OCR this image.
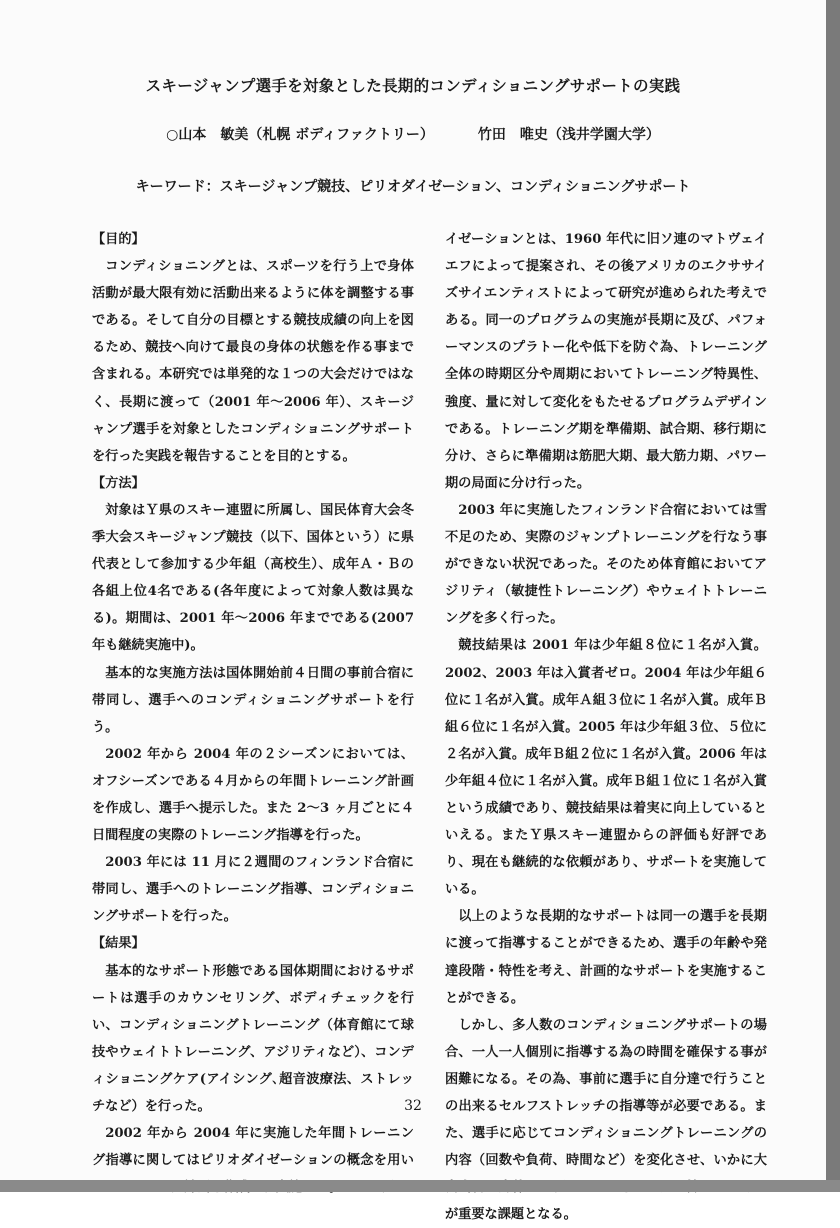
スキージャンプ選手を対象とした長期的コンディショニングサポートの実践
○山本　敏美（札幌 ボディファクトリー）	竹田　唯史（浅井学園大学）
キーワード：スキージャンプ競技、ピリオダイゼーション、コンディショニングサポート
【目的】

コンディショニングとは、スポーツを行う上で身体活動が最大限有効に活動出来るように体を調整する事である。そして自分の目標とする競技成績の向上を図るため、競技へ向けて最良の身体の状態を作る事まで含まれる。本研究では単発的な１つの大会だけではなく、長期に渡って（2001 年～2006 年）、スキージャンプ選手を対象としたコンディショニングサポートを行った実践を報告することを目的とする。

【方法】

対象はＹ県のスキー連盟に所属し、国民体育大会冬季大会スキージャンプ競技（以下、国体という）に県代表として参加する少年組（高校生）、成年Ａ・Ｂの各組上位4名である(各年度によって対象人数は異なる)。期間は、2001 年～2006 年までである(2007年も継続実施中)。

基本的な実施方法は国体開始前４日間の事前合宿に帯同し、選手へのコンディショニングサポートを行う。

2002 年から 2004 年の２シーズンにおいては、オフシーズンである４月からの年間トレーニング計画を作成し、選手へ提示した。また 2～3 ヶ月ごとに４日間程度の実際のトレーニング指導を行った。

2003 年には 11 月に２週間のフィンランド合宿に帯同し、選手へのトレーニング指導、コンディショニングサポートを行った。

【結果】

基本的なサポート形態である国体期間におけるサポートは選手のカウンセリング、ボディチェックを行い、コンディショニングトレーニング（体育館にて球技やウェイトトレーニング、アジリティなど）、コンディショニングケア(アイシング､超音波療法、ストレッチなど）を行った。

2002 年から 2004 年に実施した年間トレーニング指導に関してはピリオダイゼーションの概念を用い

イゼーションとは、1960 年代に旧ソ連のマトヴェイエフによって提案され、その後アメリカのエクササイズサイエンティストによって研究が進められた考えである。同一のプログラムの実施が長期に及び、パフォーマンスのプラトー化や低下を防ぐ為、トレーニング全体の時期区分や周期においてトレーニング特異性、強度、量に対して変化をもたせるプログラムデザインである。トレーニング期を準備期、試合期、移行期に分け、さらに準備期は筋肥大期、最大筋力期、パワー期の局面に分け行った。

2003 年に実施したフィンランド合宿においては雪不足のため、実際のジャンプトレーニングを行なう事ができない状況であった。そのため体育館においてアジリティ（敏捷性トレーニング）やウェイトトレーニングを多く行った。

競技結果は 2001 年は少年組８位に１名が入賞。2002、2003 年は入賞者ゼロ。2004 年は少年組６位に１名が入賞。成年Ａ組３位に１名が入賞。成年Ｂ組６位に１名が入賞。2005 年は少年組３位、５位に２名が入賞。成年Ｂ組２位に１名が入賞。2006 年は少年組４位に１名が入賞。成年Ｂ組１位に１名が入賞という成績であり、競技結果は着実に向上しているといえる。またＹ県スキー連盟からの評価も好評であり、現在も継続的な依頼があり、サポートを実施している。

以上のような長期的なサポートは同一の選手を長期に渡って指導することができるため、選手の年齢や発達段階・特性を考え、計画的なサポートを実施することができる。

しかし、多人数のコンディショニングサポートの場合、一人一人個別に指導する為の時間を確保する事が困難になる。その為、事前に選手に自分達で行うことの出来るセルフストレッチの指導等が必要である。また、選手に応じてコンディショニングトレーニングの内容（回数や負荷、時間など）を変化させ、いかに大 が重要な課題となる。

32
